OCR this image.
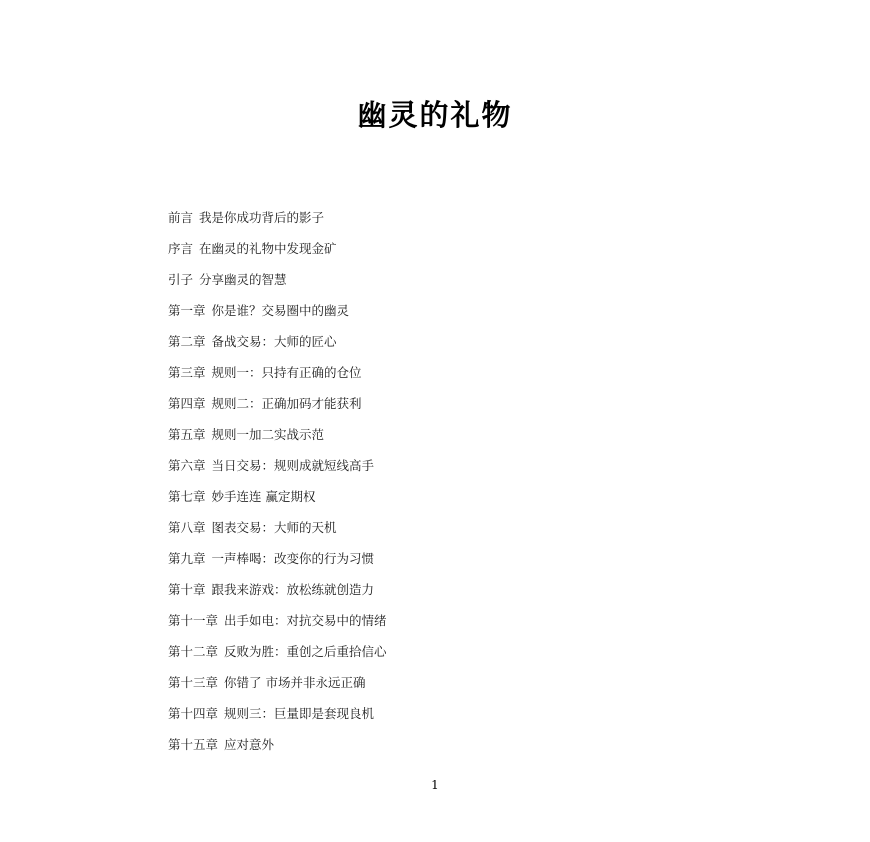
幽灵的礼物
前言 我是你成功背后的影子
序言 在幽灵的礼物中发现金矿
引子 分享幽灵的智慧
第一章 你是谁？交易圈中的幽灵
第二章 备战交易：大师的匠心
第三章 规则一：只持有正确的仓位
第四章 规则二：正确加码才能获利
第五章 规则一加二实战示范
第六章 当日交易：规则成就短线高手
第七章 妙手连连 赢定期权
第八章 图表交易：大师的天机
第九章 一声棒喝：改变你的行为习惯
第十章 跟我来游戏：放松练就创造力
第十一章 出手如电：对抗交易中的情绪
第十二章 反败为胜：重创之后重拾信心
第十三章 你错了 市场并非永远正确
第十四章 规则三：巨量即是套现良机
第十五章 应对意外
1
